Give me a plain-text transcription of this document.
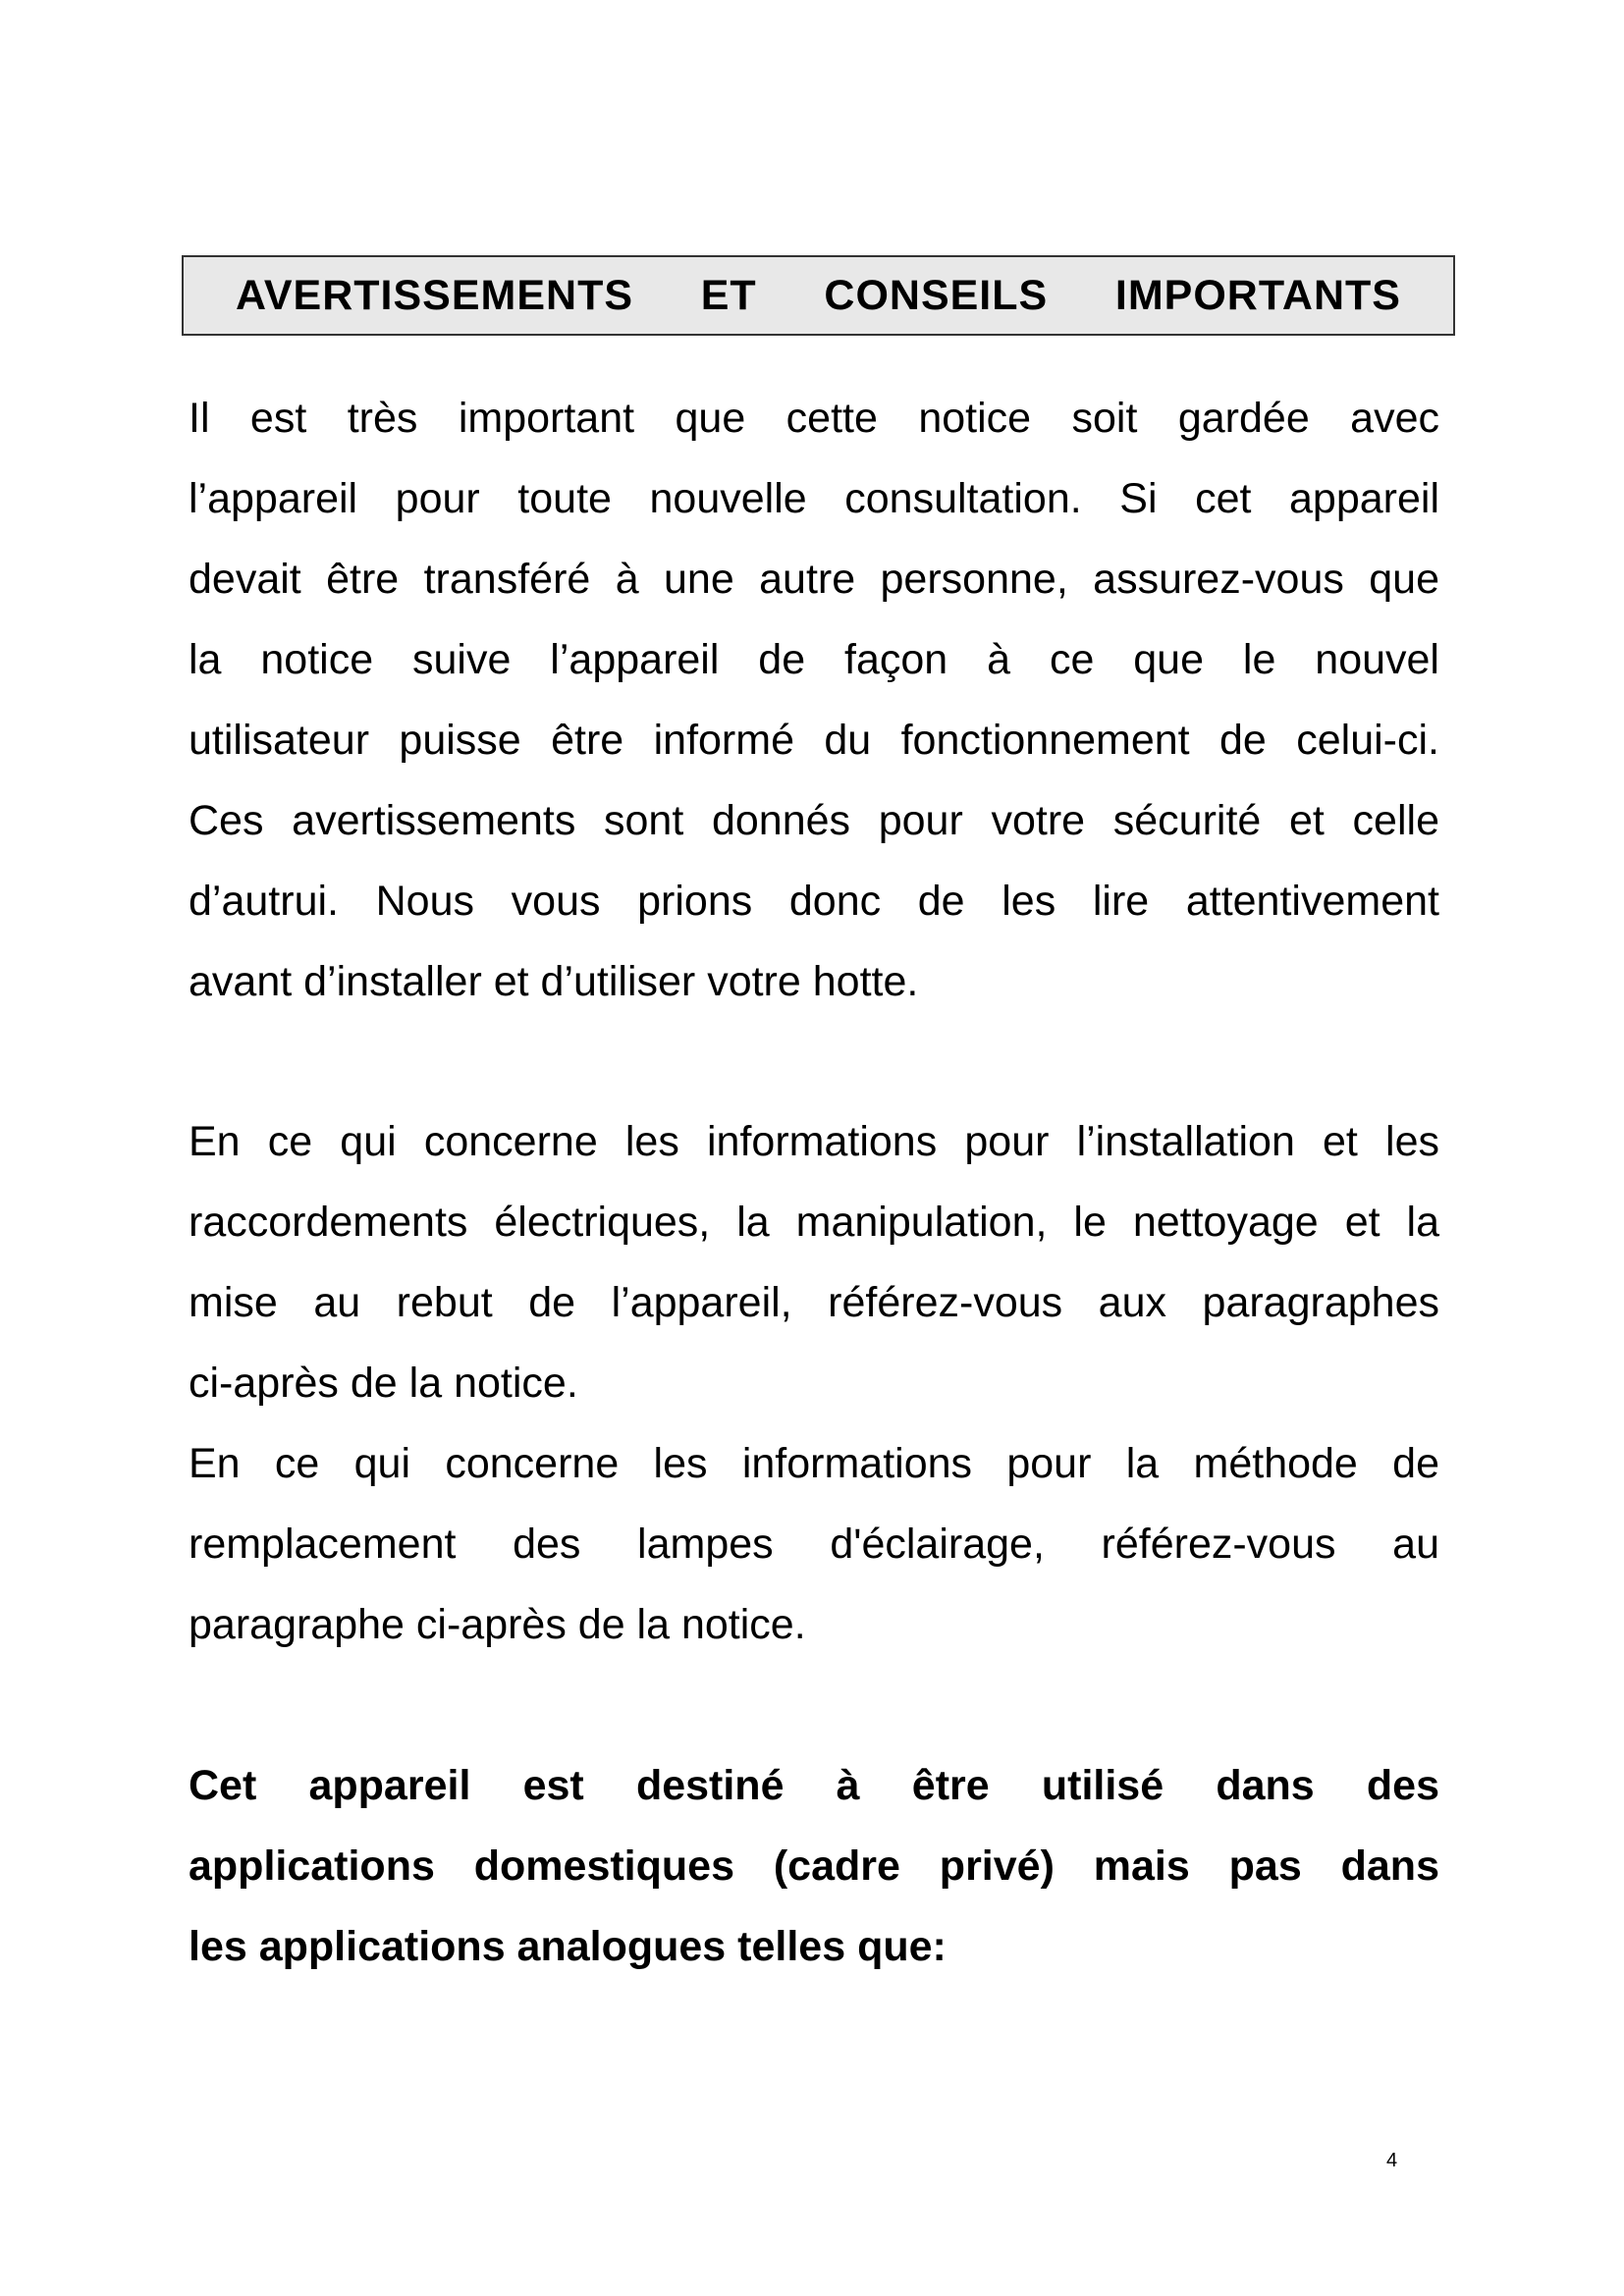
AVERTISSEMENTS ET CONSEILS IMPORTANTS

Il est très important que cette notice soit gardée avec
l’appareil pour toute nouvelle consultation. Si cet appareil
devait être transféré à une autre personne, assurez-vous que
la notice suive l’appareil de façon à ce que le nouvel
utilisateur puisse être informé du fonctionnement de celui-ci.
Ces avertissements sont donnés pour votre sécurité et celle
d’autrui. Nous vous prions donc de les lire attentivement
avant d’installer et d’utiliser votre hotte.

En ce qui concerne les informations pour l’installation et les
raccordements électriques, la manipulation, le nettoyage et la
mise au rebut de l’appareil, référez-vous aux paragraphes
ci-après de la notice.

En ce qui concerne les informations pour la méthode de
remplacement des lampes d'éclairage, référez-vous au
paragraphe ci-après de la notice.

Cet appareil est destiné à être utilisé dans des
applications domestiques (cadre privé) mais pas dans
les applications analogues telles que:

4
